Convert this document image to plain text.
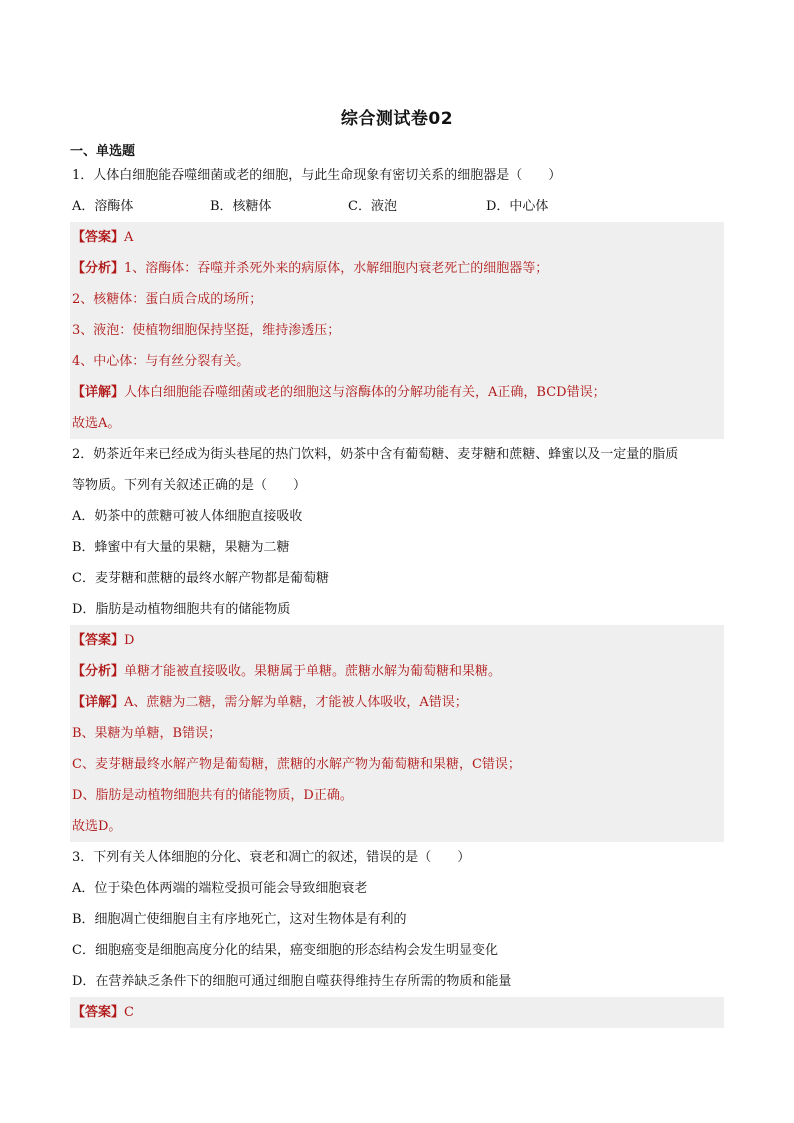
综合测试卷02
一、单选题
1．人体白细胞能吞噬细菌或老的细胞，与此生命现象有密切关系的细胞器是（　　）
A．溶酶体	B．核糖体	C．液泡	D．中心体
【答案】A
【分析】1、溶酶体：吞噬并杀死外来的病原体，水解细胞内衰老死亡的细胞器等；
2、核糖体：蛋白质合成的场所；
3、液泡：使植物细胞保持坚挺，维持渗透压；
4、中心体：与有丝分裂有关。
【详解】人体白细胞能吞噬细菌或老的细胞这与溶酶体的分解功能有关，A正确，BCD错误；
故选A。
2．奶茶近年来已经成为街头巷尾的热门饮料，奶茶中含有葡萄糖、麦芽糖和蔗糖、蜂蜜以及一定量的脂质
等物质。下列有关叙述正确的是（　　）
A．奶茶中的蔗糖可被人体细胞直接吸收
B．蜂蜜中有大量的果糖，果糖为二糖
C．麦芽糖和蔗糖的最终水解产物都是葡萄糖
D．脂肪是动植物细胞共有的储能物质
【答案】D
【分析】单糖才能被直接吸收。果糖属于单糖。蔗糖水解为葡萄糖和果糖。
【详解】A、蔗糖为二糖，需分解为单糖，才能被人体吸收，A错误；
B、果糖为单糖，B错误；
C、麦芽糖最终水解产物是葡萄糖，蔗糖的水解产物为葡萄糖和果糖，C错误；
D、脂肪是动植物细胞共有的储能物质，D正确。
故选D。
3．下列有关人体细胞的分化、衰老和凋亡的叙述，错误的是（　　）
A．位于染色体两端的端粒受损可能会导致细胞衰老
B．细胞凋亡使细胞自主有序地死亡，这对生物体是有利的
C．细胞癌变是细胞高度分化的结果，癌变细胞的形态结构会发生明显变化
D．在营养缺乏条件下的细胞可通过细胞自噬获得维持生存所需的物质和能量
【答案】C
